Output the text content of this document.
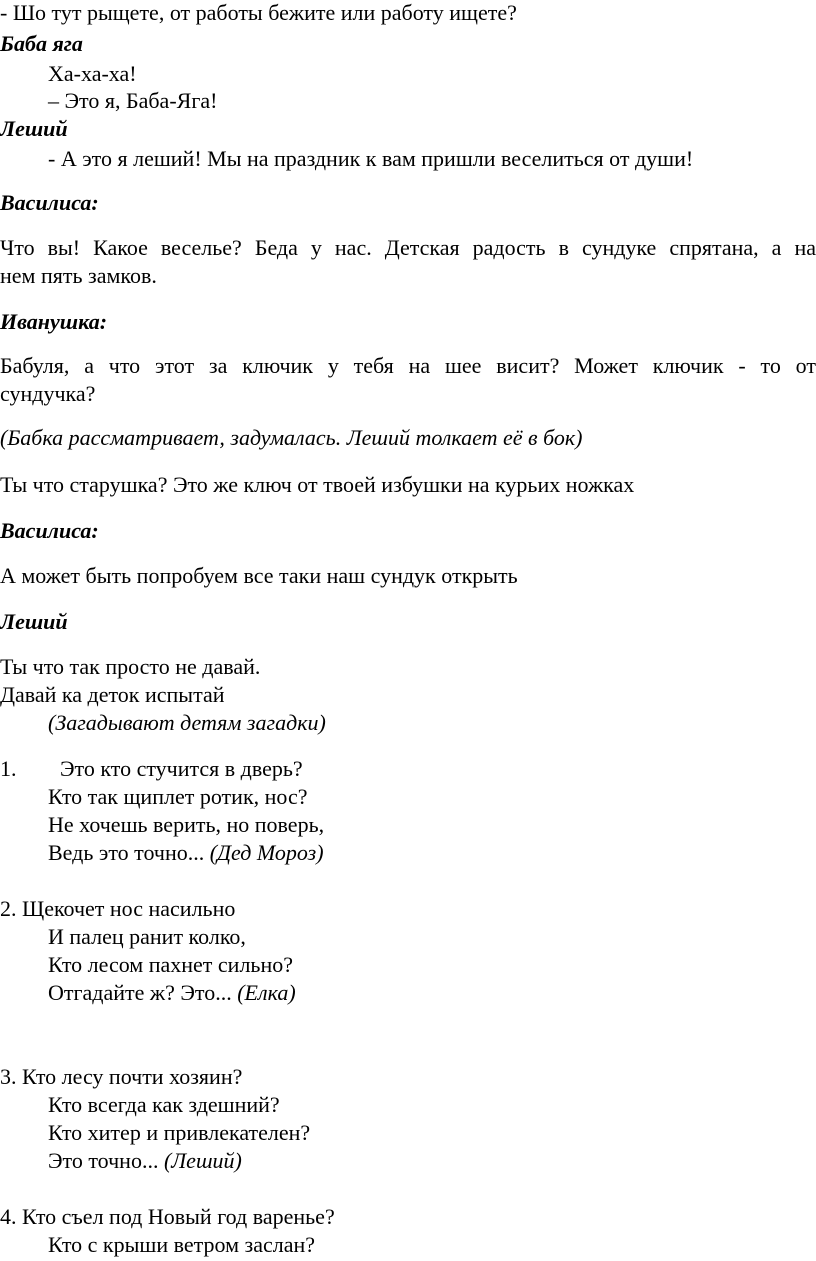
- Шо тут рыщете, от работы бежите или работу ищете?

Баба яга

Ха-ха-ха!

– Это я, Баба-Яга!

Леший

- А это я леший! Мы на праздник к вам пришли веселиться от души!

Василиса:

Что вы! Какое веселье? Беда у нас. Детская радость в сундуке спрятана, а на

нем пять замков.

Иванушка:

Бабуля, а что этот за ключик у тебя на шее висит? Может ключик - то от

сундучка?

(Бабка рассматривает, задумалась. Леший толкает её в бок)

Ты что старушка? Это же ключ от твоей избушки на курьих ножках

Василиса:

А может быть попробуем все таки наш сундук открыть

Леший

Ты что так просто не давай.

Давай ка деток испытай

(Загадывают детям загадки)

1. Это кто стучится в дверь?

Кто так щиплет ротик, нос?

Не хочешь верить, но поверь,

Ведь это точно... (Дед Мороз)

2. Щекочет нос насильно

И палец ранит колко,

Кто лесом пахнет сильно?

Отгадайте ж? Это... (Елка)

3. Кто лесу почти хозяин?

Кто всегда как здешний?

Кто хитер и привлекателен?

Это точно... (Леший)

4. Кто съел под Новый год варенье?

Кто с крыши ветром заслан?
